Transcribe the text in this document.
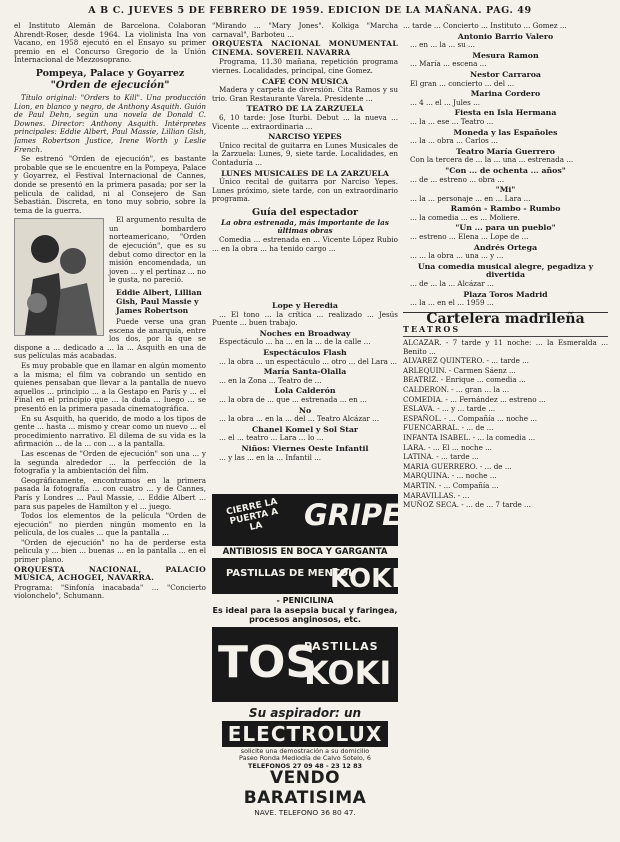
A B C. JUEVES 5 DE FEBRERO DE 1959. EDICION DE LA MAÑANA. PAG. 49

el Instituto Alemán de Barcelona. Colaboran Ahrendt-Roser, desde 1964. La violinista Ina von Vacano, en 1958 ejecutó en el Ensayo su primer premio en el Concurso Gregorio de la Unión Internacional de Mezzosoprano.

Pompeya, Palace y Goyarrez
"Orden de ejecución"

Título original: "Orders to Kill". Una producción Lion, en blanco y negro, de Anthony Asquith. Guión de Paul Dehn, según una novela de Donald C. Downes. Director: Anthony Asquith. Intérpretes principales: Eddie Albert, Paul Massie, Lillian Gish, James Robertson Justice, Irene Worth y Leslie French.

Se estrenó "Orden de ejecución", es bastante probable que se le encuentre en la Pompeya, Palace y Goyarrez, el Festival Internacional de Cannes, donde se presentó en la primera pasada; por ser la pelicula de calidad, ni al Consejero de San Sebastián. Discreta, en tono muy sobrio, sobre la tema de la guerra.

El argumento resulta de un bombardero norteamericano, "Orden de ejecución", que es su debut como director en la misión encomendada, un joven ... y el pertinaz ... no le gusta, no pareció.

Eddie Albert, Lillian Gish, Paul Massie y James Robertson

Puede verse una gran escena de anarquía, entre los dos, por la que se dispone a ... dedicado a ... la ... Asquith en una de sus películas más acabadas.

Es muy probable que en llamar en algún momento a la misma; el film va cobrando un sentido en quienes pensaban que llevar a la pantalla de nuevo aquellos ... principio ... a la Gestapo en París y ... el Final en el principio que ... la duda ... luego ... se presentó en la primera pasada cinematográfica.

En su Asquith, ha querido, de modo a los tipos de gente ... hasta ... mismo y crear como un nuevo ... el procedimiento narrativo. El dilema de su vida es la afirmación ... de la ... con ... a la pantalla.

Las escenas de "Orden de ejecución" son una ... y la segunda alrededor ... la perfección de la fotografía y la ambientación del film.

Geográficamente, encontramos en la primera pasada la fotografía ... con cuatro ... y de Cannes, París y Londres ... Paul Massie, ... Eddie Albert ... para sus papeles de Hamilton y el ... juego.

Todos los elementos de la película "Orden de ejecución" no pierden ningún momento en la película, de los cuales ... que la pantalla ...

"Orden de ejecución" no ha de perderse esta pelicula y ... bien ... buenas ... en la pantalla ... en el primer plano.

ORQUESTA NACIONAL, PALACIO MUSICA, ACHOGEI, NAVARRA.

Programa: "Sinfonía inacabada" ... "Concierto violonchelo", Schumann.

"Mirando ... "Mary Jones". Kolkiga "Marcha carnaval", Barboteu ...

ORQUESTA NACIONAL MONUMENTAL CINEMA. SOVEREIL NAVARRA

Programa, 11.30 mañana, repetición programa viernes. Localidades, principal, cine Gomez.

CAFE CON MUSICA

Madera y carpeta de diversión. Cita Ramos y su trio. Gran Restaurante Varela. Presidente ...

TEATRO DE LA ZARZUELA

6, 10 tarde: Jose Iturbi. Debut ... la nueva ... Vicente ... extraordinaria ...

NARCISO YEPES

Unico recital de guitarra en Lunes Musicales de la Zarzuela: Lunes, 9, siete tarde. Localidades, en Contaduría ...

LUNES MUSICALES DE LA ZARZUELA

Único recital de guitarra por Narciso Yepes. Lunes próximo, siete tarde, con un extraordinario programa.

Guía del espectador
La obra estrenada, más importante de las últimas obras

Comedia ... estrenada en ... Vicente López Rubio ... en la obra ... ha tenido cargo ...

Lope y Heredia

... El tono ... la crítica ... realizado ... Jesús Puente ... buen trabajo.

Noches en Broadway

Espectáculo ... ha ... en la ... de la calle ...

Espectáculos Flash

... la obra ... un espectáculo ... otro ... del Lara ...

María Santa-Olalla

... en la Zona ... Teatro de ...

Lola Calderón

... la obra de ... que ... estrenada ... en ...

No

... la obra ... en la ... del ... Teatro Alcázar ...

Chanel Komel y Sol Star

... el ... teatro ... Lara ... lo ...

Niños: Viernes Oeste Infantil

... y las ... en la ... Infantil ...

CIERRE LA PUERTA A LA	GRIPE
ANTIBIOSIS EN BOCA Y GARGANTA
PASTILLAS DE MENTOL
KOKI
- PENICILINA
Es ideal para la asepsia bucal y faringea, procesos anginosos, etc.
TOS
PASTILLAS
KOKI
Su aspirador: un
ELECTROLUX
solicite una demostración a su domicilio
Paseo Ronda Mediodía de Calvo Sotelo, 6
TELEFONOS 27 09 48 - 23 12 83
VENDO BARATISIMA
NAVE. TELEFONO 36 80 47.

... tarde ... Concierto ... Instituto ... Gomez ...

Antonio Barrio Valero

... en ... la ... su ...

Mesura Ramon

... María ... escena ...

Nestor Carraroa

El gran ... concierto ... del ...

Marina Cordero

... 4 ... el ... Jules ...

Fiesta en Isla Hermana

... la ... ese ... Teatro ...

Moneda y las Españoles

... la ... obra ... Carlos ...

Teatro María Guerrero

Con la tercera de ... la ... una ... estrenada ...

"Con ... de ochenta ... años"

... de ... estreno ... obra ...

"Mi"

... la ... personaje ... en ... Lara ...

Ramón - Rambo - Rumbo

... la comedia ... es ... Moliere.

"Un ... para un pueblo"

... estreno ... Elena ... Lope de ...

Andrés Ortega

... ... la obra ... una ... y ...

Una comedia musical alegre, pegadiza y divertida

... de ... la ... Alcázar ...

Plaza Toros Madrid

... la ... en el ... 1959 ...

Cartelera madrileña
TEATROS

ALCAZAR. - 7 tarde y 11 noche: ... la Esmeralda ... Benito ...

ALVAREZ QUINTERO. - ... tarde ...

ARLEQUIN. - Carmen Sáenz ...

BEATRIZ. - Enrique ... comedia ...

CALDERON. - ... gran ... la ...

COMEDIA. - ... Fernández ... estreno ...

ESLAVA. - ... y ... tarde ...

ESPAÑOL. - ... Compañía ... noche ...

FUENCARRAL. - ... de ...

INFANTA ISABEL. - ... la comedia ...

LARA. - ... El ... noche ...

LATINA. - ... tarde ...

MARIA GUERRERO. - ... de ...

MARQUINA. - ... noche ...

MARTIN. - ... Compañía ...

MARAVILLAS. - ...

MUÑOZ SECA. - ... de ... 7 tarde ...
